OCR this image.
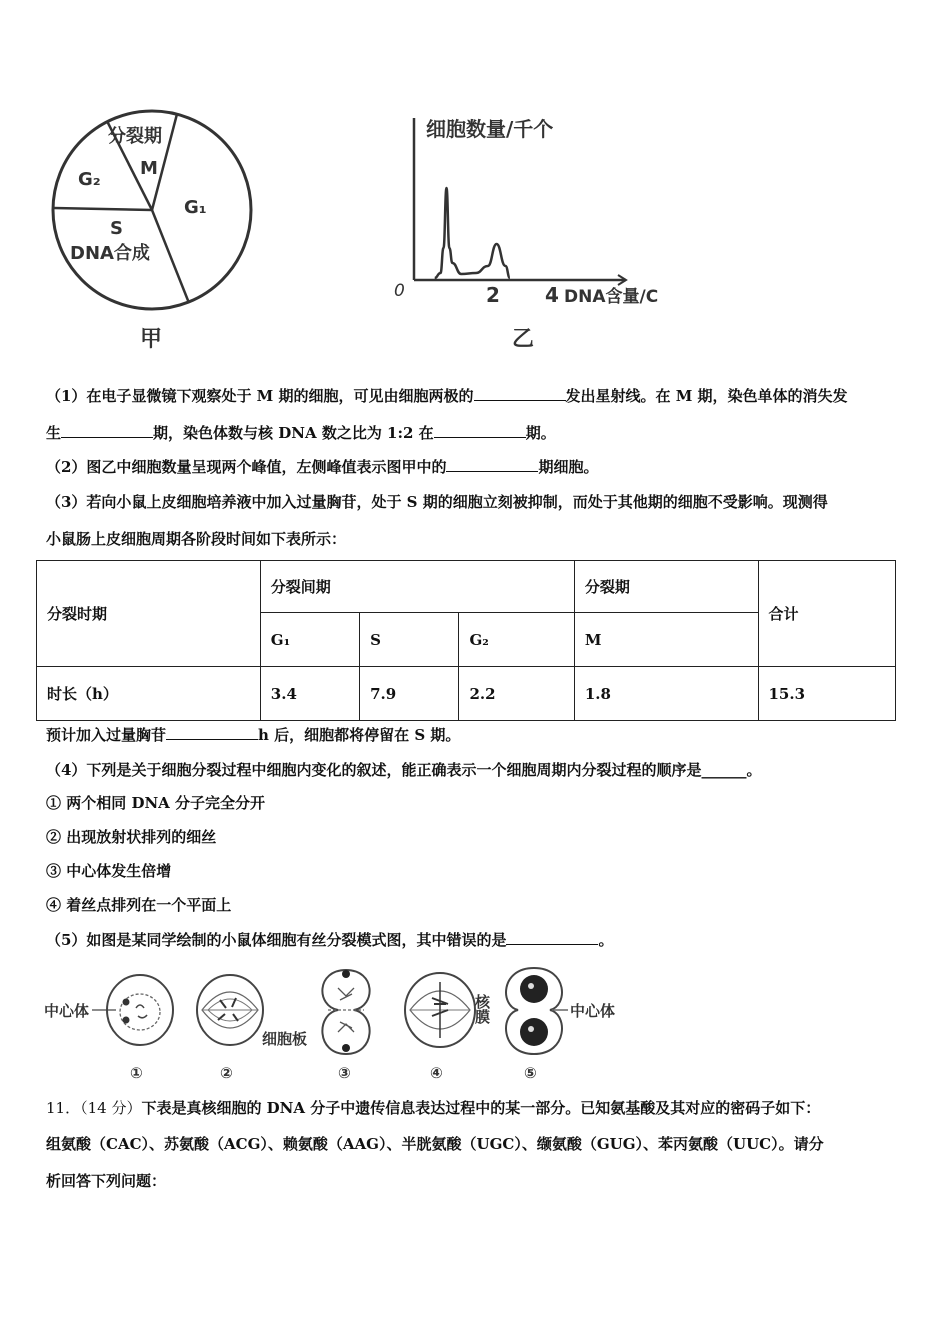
分裂期
M
G₂
G₁
S
DNA合成
甲
细胞数量/千个
0	2 4 DNA含量/C
乙
（1）在电子显微镜下观察处于 M 期的细胞，可见由细胞两极的	发出星射线。在 M 期，染色单体的消失发
生	期，染色体数与核 DNA 数之比为 1:2 在	期。
（2）图乙中细胞数量呈现两个峰值，左侧峰值表示图甲中的	期细胞。
（3）若向小鼠上皮细胞培养液中加入过量胸苷，处于 S 期的细胞立刻被抑制，而处于其他期的细胞不受影响。现测得
小鼠肠上皮细胞周期各阶段时间如下表所示：
分裂时期	分裂间期			分裂期	合计
	G₁	S	G₂	M	
时长（h）	3.4	7.9	2.2	1.8	15.3
预计加入过量胸苷	h 后，细胞都将停留在 S 期。
（4）下列是关于细胞分裂过程中细胞内变化的叙述，能正确表示一个细胞周期内分裂过程的顺序是______。
① 两个相同 DNA 分子完全分开
② 出现放射状排列的细丝
③ 中心体发生倍增
④ 着丝点排列在一个平面上
（5）如图是某同学绘制的小鼠体细胞有丝分裂模式图，其中错误的是	。
中心体
①	②
细胞板
③
核膜
④
中心体
⑤
11．（14 分）下表是真核细胞的 DNA 分子中遗传信息表达过程中的某一部分。已知氨基酸及其对应的密码子如下：
组氨酸（CAC）、苏氨酸（ACG）、赖氨酸（AAG）、半胱氨酸（UGC）、缬氨酸（GUG）、苯丙氨酸（UUC）。请分
析回答下列问题：
